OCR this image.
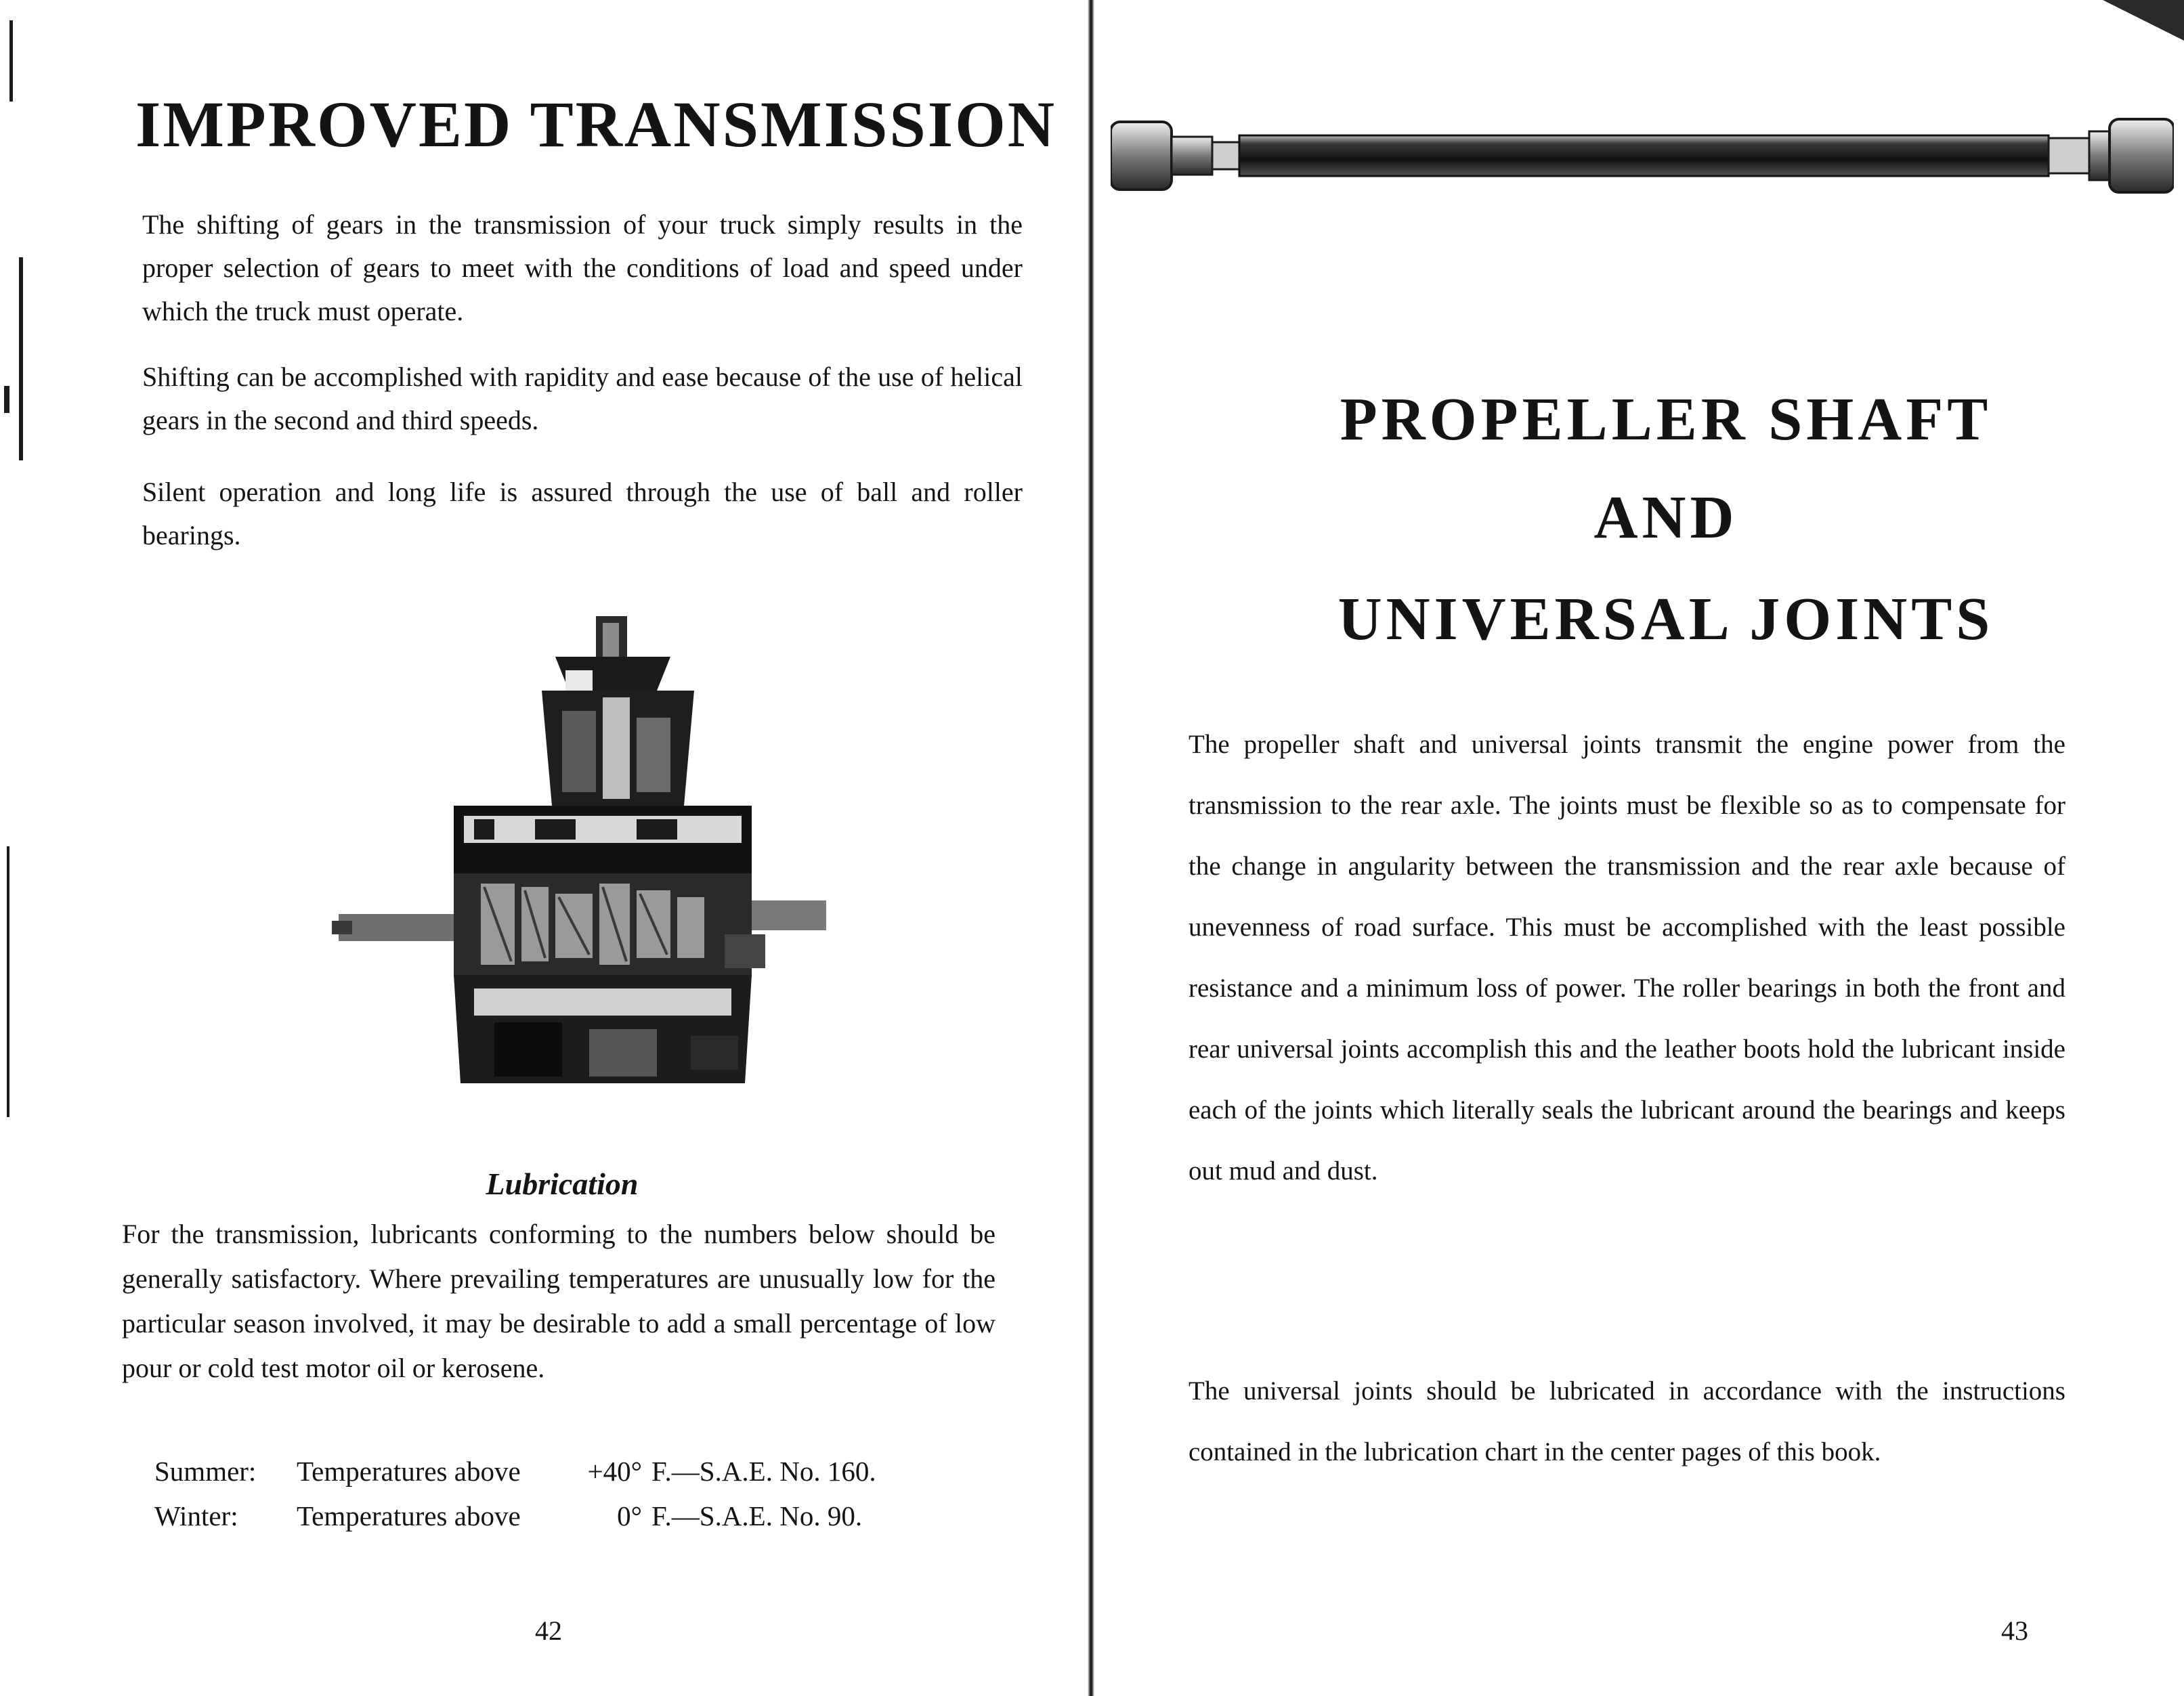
IMPROVED TRANSMISSION

The shifting of gears in the transmission of your truck simply results in the proper selection of gears to meet with the conditions of load and speed under which the truck must operate.

Shifting can be accomplished with rapidity and ease because of the use of helical gears in the second and third speeds.

Silent operation and long life is assured through the use of ball and roller bearings.

Lubrication

For the transmission, lubricants conforming to the numbers below should be generally satisfactory. Where prevailing temperatures are unusually low for the particular season involved, it may be desirable to add a small percentage of low pour or cold test motor oil or kerosene.

Summer:	Temperatures above	+40°	F.—S.A.E. No. 160.
Winter:	Temperatures above	0°	F.—S.A.E. No. 90.

42

PROPELLER SHAFT
AND
UNIVERSAL JOINTS

The propeller shaft and universal joints transmit the engine power from the transmission to the rear axle. The joints must be flexible so as to compensate for the change in angularity between the transmission and the rear axle because of unevenness of road surface. This must be accomplished with the least possible resistance and a minimum loss of power. The roller bearings in both the front and rear universal joints accomplish this and the leather boots hold the lubricant inside each of the joints which literally seals the lubricant around the bearings and keeps out mud and dust.

The universal joints should be lubricated in accordance with the instructions contained in the lubrication chart in the center pages of this book.

43
